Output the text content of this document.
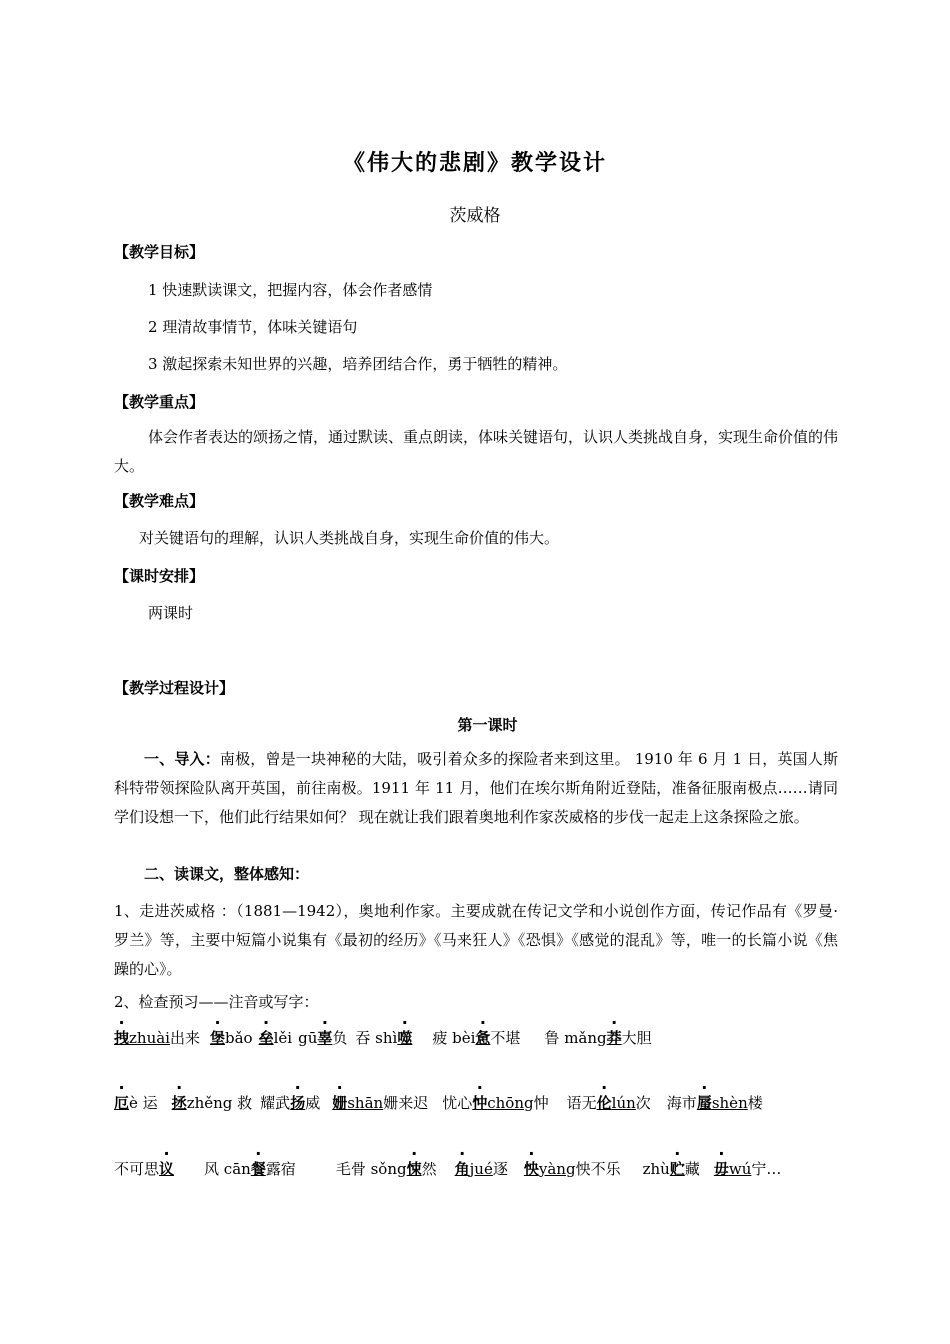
《伟大的悲剧》教学设计
茨威格
【教学目标】
1 快速默读课文，把握内容，体会作者感情
2 理清故事情节，体味关键语句
3 激起探索未知世界的兴趣，培养团结合作，勇于牺牲的精神。
【教学重点】
体会作者表达的颂扬之情，通过默读、重点朗读，体味关键语句，认识人类挑战自身，实现生命价值的伟大。
【教学难点】
对关键语句的理解，认识人类挑战自身，实现生命价值的伟大。
【课时安排】
两课时
【教学过程设计】
第一课时
一、导入：南极，曾是一块神秘的大陆，吸引着众多的探险者来到这里。 1910 年 6 月 1 日，英国人斯科特带领探险队离开英国，前往南极。1911 年 11 月，他们在埃尔斯角附近登陆，准备征服南极点……请同学们设想一下，他们此行结果如何？ 现在就让我们跟着奥地利作家茨威格的步伐一起走上这条探险之旅。
二、读课文，整体感知：
1、走进茨威格 ：（1881—1942），奥地利作家。主要成就在传记文学和小说创作方面，传记作品有《罗曼·罗兰》等，主要中短篇小说集有《最初的经历》《马来狂人》《恐惧》《感觉的混乱》等，唯一的长篇小说《焦躁的心》。
2、检查预习——注音或写字：
拽zhuài出来 堡bǎo 垒lěi gū辜负 吞 shì噬 疲 bèi惫不堪 鲁 mǎng莽大胆
厄è 运 拯zhěng 救 耀武扬威 姗shān姗来迟 忧心忡chōng忡 语无伦lún次 海市蜃shèn楼
不可思议 风 cān餐露宿	毛骨 sǒng悚然 角jué逐 怏yàng怏不乐 zhù贮藏 毋wú宁…
